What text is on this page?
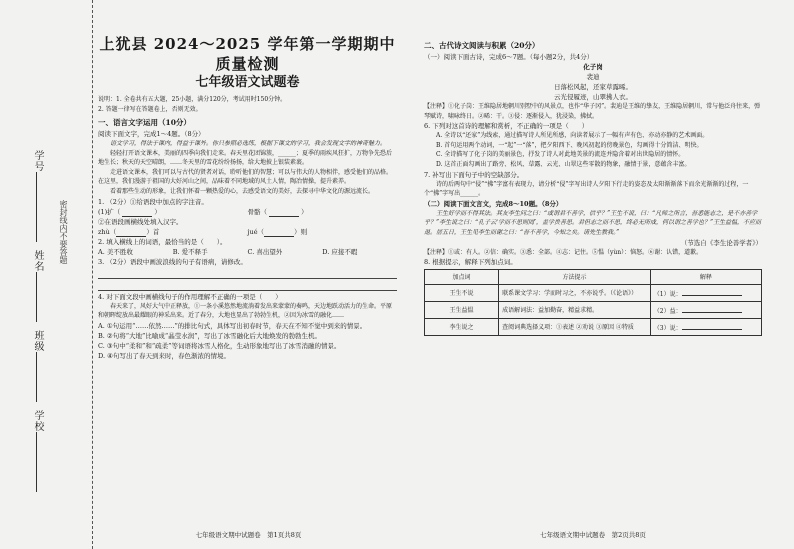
学号
姓名
班级
学校
密封线内不要答题

上犹县 2024～2025 学年第一学期期中质量检测

七年级语文试题卷

说明：1. 全卷共有五大题，25小题，满分120分，考试用时150分钟。

2. 答题一律写在答题卷上，否则无效。

一、语言文字运用（10分）

阅读下面文字，完成1～4题。（8分）

语文学习，得法于课内，得益于课外。你只参照必选练，根据下课文的学习，我会发现文字的神奇魅力。

轻轻打开语文课本，美丽的四季向我们走来。春天里花团锦簇，______；夏季的雨疾风狂扩，万物争先恐后地生长；秋天的天空晴朗，……冬天里的雪花纷纷扬扬，给大地披上银装素裹。

走进语文课本，我们可以与古代的贤者对话，聆听他们的智慧；可以与伟大的人物相伴，感受他们的品格。在这里，我们漫游于祖国的大好河山之间，品味着不同地域的风土人情，陶冶情操，提升素养。

看着那些生动的形象，让我们怀着一颗热爱的心，去感受语文的美好，去探寻中华文化的源远流长。

1. （2分）①给语段中加点的字注音。

(1)扩（	）	骨骼（	）

②在语段画横线处填入汉字。

zhù（	）首	jué（	）则

2. 填入横线上的词语，最恰当的是（　　）。

A. 美不胜收	B. 爱不释手	C. 喜出望外	D. 应接不暇

3. （2分）语段中画波浪线的句子有语病，请修改。

4. 对下面文段中画横线句子的作用理解不正确的一项是（　　）

春天来了，风好大气中正释放，①一条小溪悠然地流淌着发出来蒙蒙的奏鸣，天边地跃动活力的生命。平原和朝晖绽放出最耀眼的神采出来。近了春分，大地也显出了勃勃生机，②因为冰雪的融化……

A. ①句运用“……依然……”的排比句式，具体写出初春时节，春天在不知不觉中到来的情景。

B. ②句将“大地”比喻成“晶莹水润”，写出了冰雪融化后大地焕发的勃勃生机。

C. ③句中“柔和”和“疏柔”等词语将冰雪人格化，生动形象地写出了冰雪消融的情景。

D. ④句写出了春天到来时，春色渐浓的情境。

七年级语文期中试题卷　第1页共8页

二、古代诗文阅读与积累（20分）

（一）阅读下面古诗，完成6～7题。（每小题2分，共4分）

化子岗

裴迪

日落松风起，还家草露晞。

云光侵履迹，山翠拂人衣。

【注释】①化子岗：王维隐居地辋川别墅中的风景点，也作“华子冈”。裴迪是王维的挚友，王维隐居辋川，常与他泛舟往来，弹琴赋诗，啸咏终日。②晞：干。③侵：逐渐侵入，犹浸染，拂拭。

6. 下列对这首诗的理解和赏析，不正确的一项是（　　）

A. 全诗以“还家”为线索，通过描写诗人所见所感，向读者展示了一幅有声有色、亦动亦静的艺术画面。

B. 首句运用两个动词，一“起”一“落”，把夕阳西下、晚风初起的傍晚景色，勾画得十分简洁、明快。

C. 全诗描写了化子岗的美丽景色，抒发了诗人对此地美景的流连并隐含着对出世隐居的情怀。

D. 这首正面勾画出了路旁、松风、草露、云光、山翠这些零散的物象，融情于景，意蕴含丰富。

7. 补写出下面句子中的空缺部分。

诗的后两句中“侵”“拂”字富有表现力，请分析“侵”字写出诗人夕阳下行走的姿态及太阳渐渐落下而余光渐渐的过程，一个“拂”字写出______。

（二）阅读下面文言文，完成8～10题。（8分）

王生好学而不得其法。其友李生问之曰：“或谓君不善学，信乎？”王生不说，曰：“凡师之所言，吾悉能志之，是不亦善学乎？”李生说之曰：“孔子云‘学而不思则罔’，盖学贵善思。君但志之而不思，终必无所成，何以谓之善学也？”王生益愠，不应而退。居五日，王生见李生而谢之曰：“吾不善学，今知之矣。请先生教我。”

（节选自《李生论善学者》）

【注释】①或：有人。②信：确实。③悉：全部。④志：记住。⑤愠（yùn）：恼怒。⑥谢：认错，道歉。

8. 根据提示，解释下列加点词。

加点词	方法提示	解释
王生不说	联系课文学习：学而时习之，不亦说乎。（《论语》）	（1）说：
王生益愠	成语解词法：益加勤奋，精益求精。	（2）益：
李生说之	查阅词典选择义项：①表述 ②劝说 ③原因 ④特质	（3）说：
七年级语文期中试题卷　第2页共8页
